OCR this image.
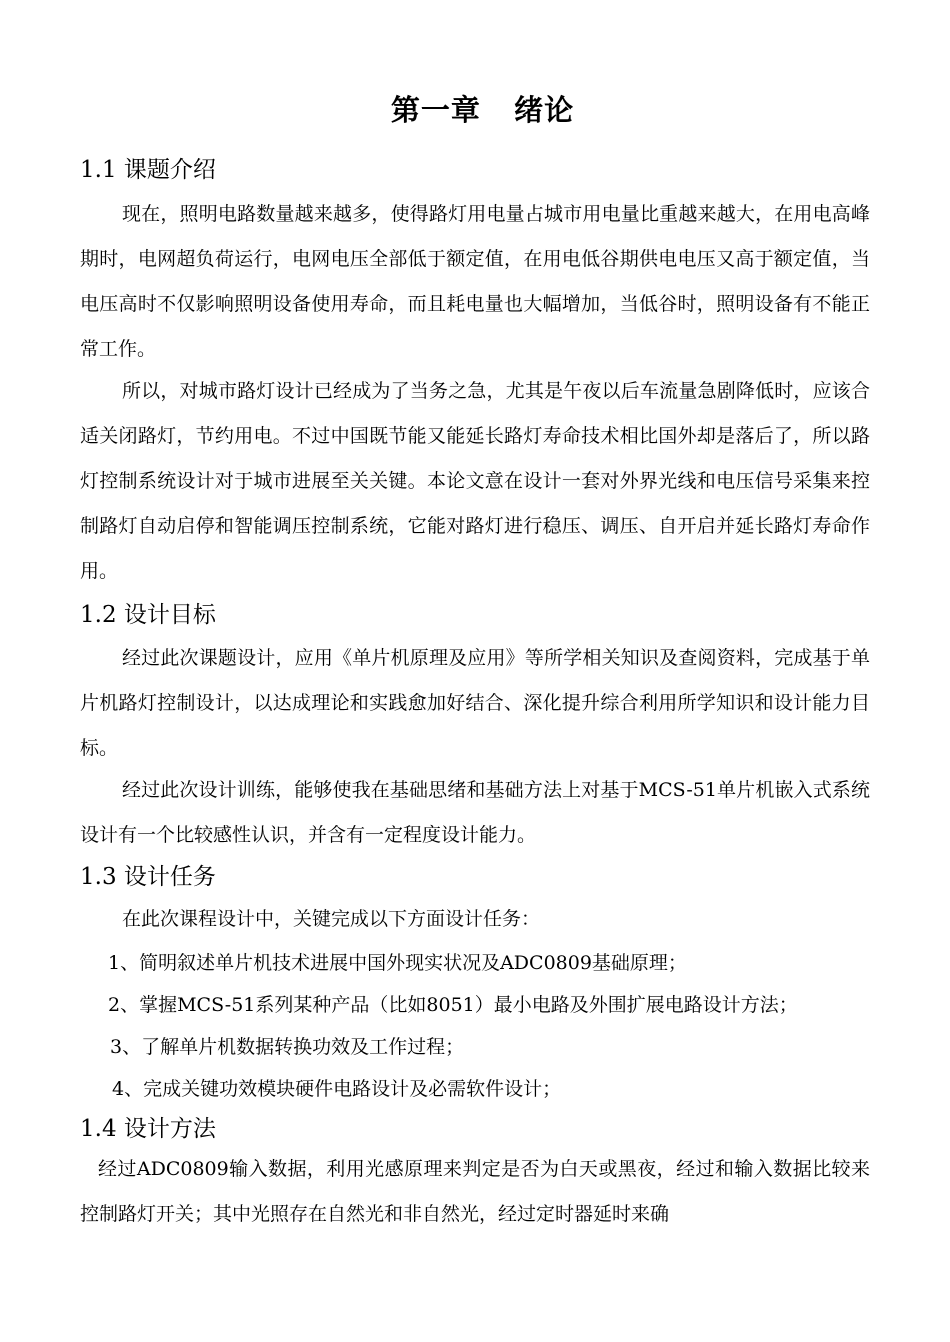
第一章   绪论
1.1 课题介绍

现在，照明电路数量越来越多，使得路灯用电量占城市用电量比重越来越大，在用电高峰期时，电网超负荷运行，电网电压全部低于额定值，在用电低谷期供电电压又高于额定值，当电压高时不仅影响照明设备使用寿命，而且耗电量也大幅增加，当低谷时，照明设备有不能正常工作。

所以，对城市路灯设计已经成为了当务之急，尤其是午夜以后车流量急剧降低时，应该合适关闭路灯，节约用电。不过中国既节能又能延长路灯寿命技术相比国外却是落后了，所以路灯控制系统设计对于城市进展至关关键。本论文意在设计一套对外界光线和电压信号采集来控制路灯自动启停和智能调压控制系统，它能对路灯进行稳压、调压、自开启并延长路灯寿命作用。

1.2 设计目标

经过此次课题设计，应用《单片机原理及应用》等所学相关知识及查阅资料，完成基于单片机路灯控制设计，以达成理论和实践愈加好结合、深化提升综合利用所学知识和设计能力目标。

经过此次设计训练，能够使我在基础思绪和基础方法上对基于MCS-51单片机嵌入式系统设计有一个比较感性认识，并含有一定程度设计能力。

1.3 设计任务

在此次课程设计中，关键完成以下方面设计任务：

1、简明叙述单片机技术进展中国外现实状况及ADC0809基础原理；

2、掌握MCS-51系列某种产品（比如8051）最小电路及外围扩展电路设计方法；

3、了解单片机数据转换功效及工作过程；

4、完成关键功效模块硬件电路设计及必需软件设计；

1.4 设计方法

经过ADC0809输入数据，利用光感原理来判定是否为白天或黑夜，经过和输入数据比较来控制路灯开关；其中光照存在自然光和非自然光，经过定时器延时来确
